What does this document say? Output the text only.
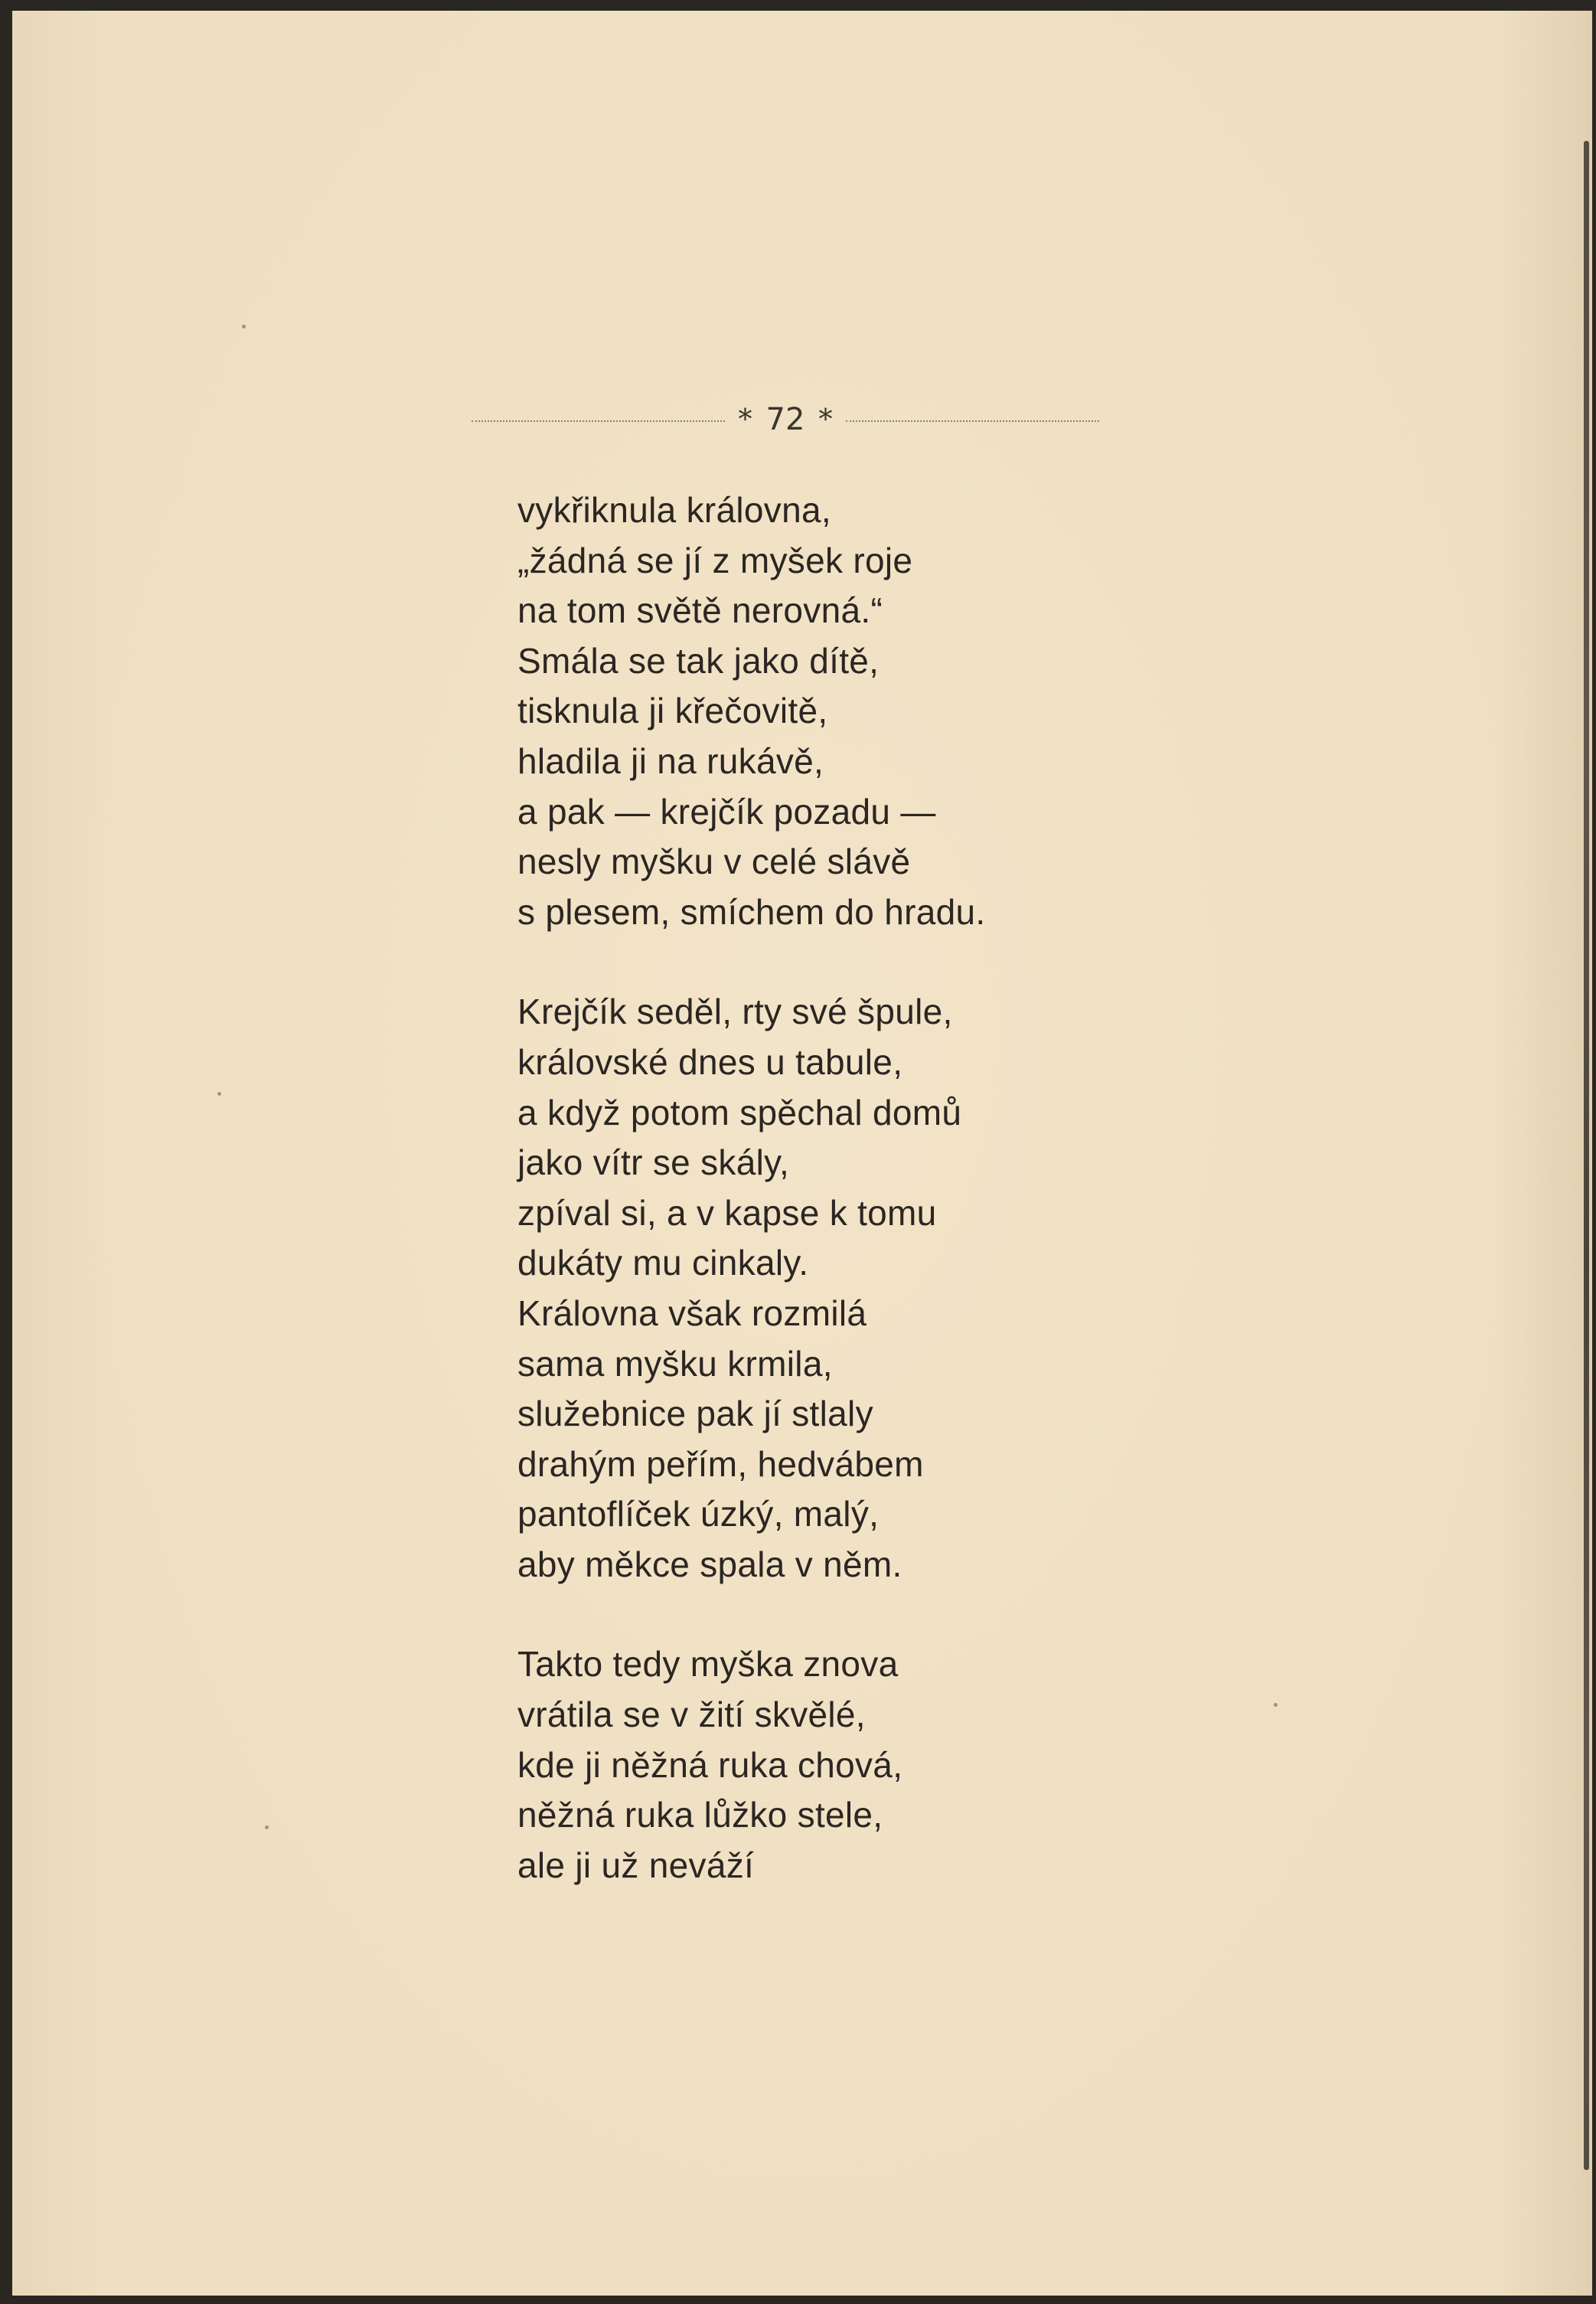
* 72 *
vykřiknula královna,
„žádná se jí z myšek roje
na tom světě nerovná.“
Smála se tak jako dítě,
tisknula ji křečovitě,
hladila ji na rukávě,
a pak — krejčík pozadu —
nesly myšku v celé slávě
s plesem, smíchem do hradu.
Krejčík seděl, rty své špule,
královské dnes u tabule,
a když potom spěchal domů
jako vítr se skály,
zpíval si, a v kapse k tomu
dukáty mu cinkaly.
Královna však rozmilá
sama myšku krmila,
služebnice pak jí stlaly
drahým peřím, hedvábem
pantoflíček úzký, malý,
aby měkce spala v něm.
Takto tedy myška znova
vrátila se v žití skvělé,
kde ji něžná ruka chová,
něžná ruka lůžko stele,
ale ji už neváží
